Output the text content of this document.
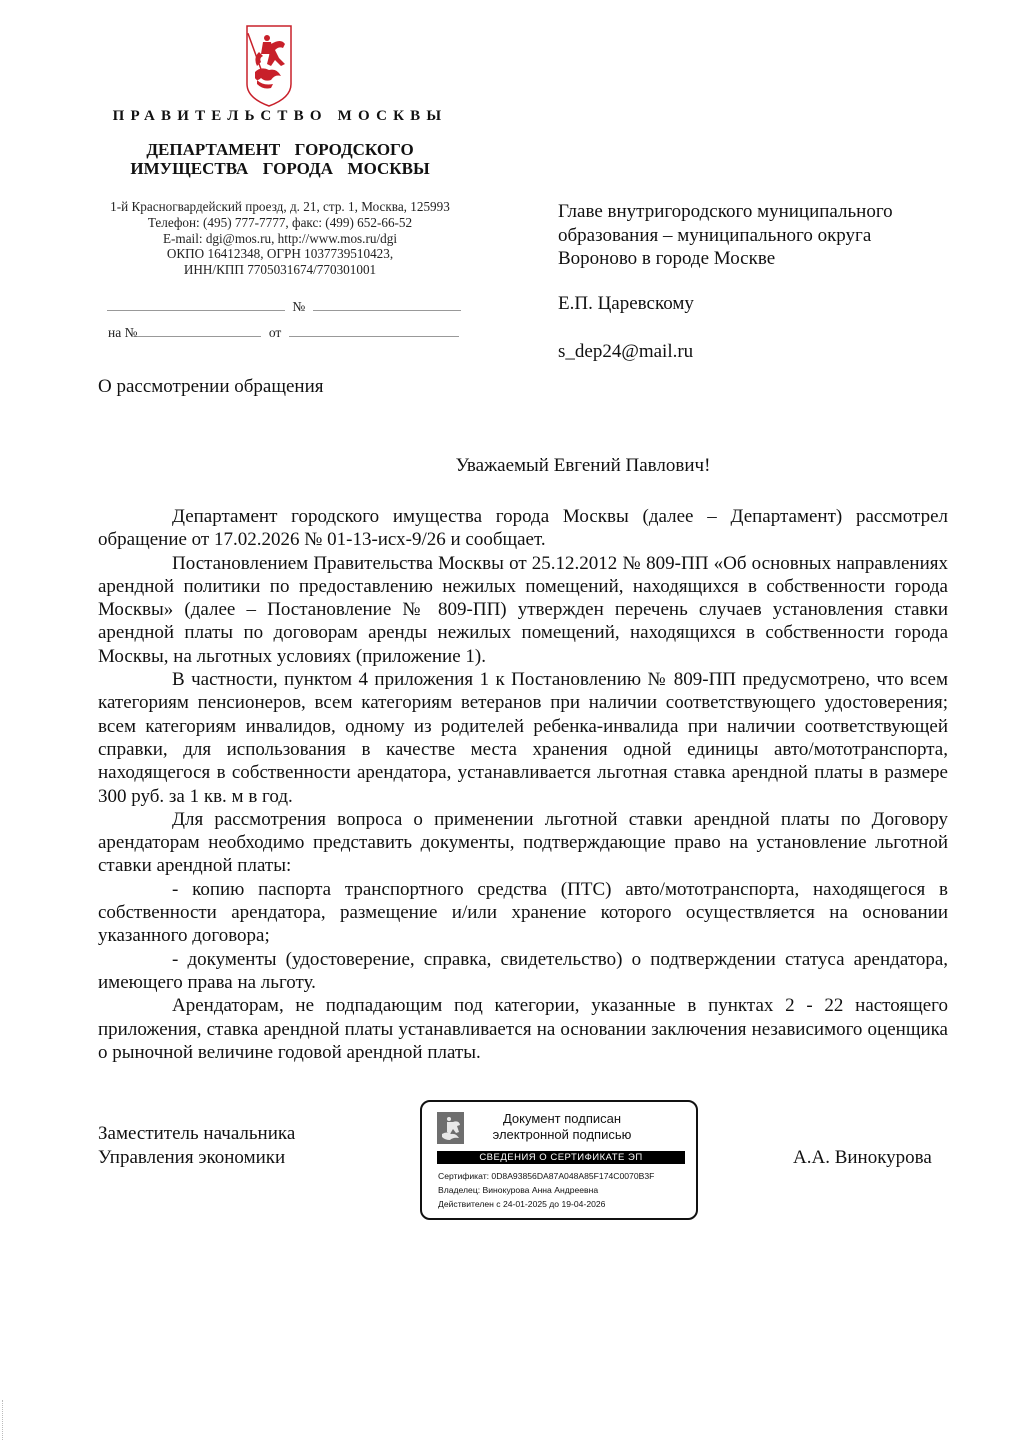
ПРАВИТЕЛЬСТВО МОСКВЫ
ДЕПАРТАМЕНТ  ГОРОДСКОГО
ИМУЩЕСТВА  ГОРОДА  МОСКВЫ
1-й Красногвардейский проезд, д. 21, стр. 1, Москва, 125993
Телефон: (495) 777-7777, факс: (499) 652-66-52
E-mail: dgi@mos.ru, http://www.mos.ru/dgi
ОКПО 16412348, ОГРН 1037739510423,
ИНН/КПП 7705031674/770301001
№
на №	от
Главе внутригородского муниципального
образования – муниципального округа
Вороново в городе Москве
Е.П. Царевскому
s_dep24@mail.ru
О рассмотрении обращения
Уважаемый Евгений Павлович!

Департамент городского имущества города Москвы (далее – Департамент) рассмотрел обращение от 17.02.2026 № 01-13-исх-9/26 и сообщает.

Постановлением Правительства Москвы от 25.12.2012 № 809-ПП «Об основных направлениях арендной политики по предоставлению нежилых помещений, находящихся в собственности города Москвы» (далее – Постановление № 809-ПП) утвержден перечень случаев установления ставки арендной платы по договорам аренды нежилых помещений, находящихся в собственности города Москвы, на льготных условиях (приложение 1).

В частности, пунктом 4 приложения 1 к Постановлению № 809-ПП предусмотрено, что всем категориям пенсионеров, всем категориям ветеранов при наличии соответствующего удостоверения; всем категориям инвалидов, одному из родителей ребенка-инвалида при наличии соответствующей справки, для использования в качестве места хранения одной единицы авто/мототранспорта, находящегося в собственности арендатора, устанавливается льготная ставка арендной платы в размере 300 руб. за 1 кв. м в год.

Для рассмотрения вопроса о применении льготной ставки арендной платы по Договору арендаторам необходимо представить документы, подтверждающие право на установление льготной ставки арендной платы:

- копию паспорта транспортного средства (ПТС) авто/мототранспорта, находящегося в собственности арендатора, размещение и/или хранение которого осуществляется на основании указанного договора;

- документы (удостоверение, справка, свидетельство) о подтверждении статуса арендатора, имеющего права на льготу.

Арендаторам, не подпадающим под категории, указанные в пунктах 2 - 22 настоящего приложения, ставка арендной платы устанавливается на основании заключения независимого оценщика о рыночной величине годовой арендной платы.

Заместитель начальника
Управления экономики
Документ подписан
электронной подписью
СВЕДЕНИЯ О СЕРТИФИКАТЕ ЭП
Сертификат: 0D8A93856DA87A048A85F174C0070B3F
Владелец: Винокурова Анна Андреевна
Действителен с 24-01-2025 до 19-04-2026
А.А. Винокурова
